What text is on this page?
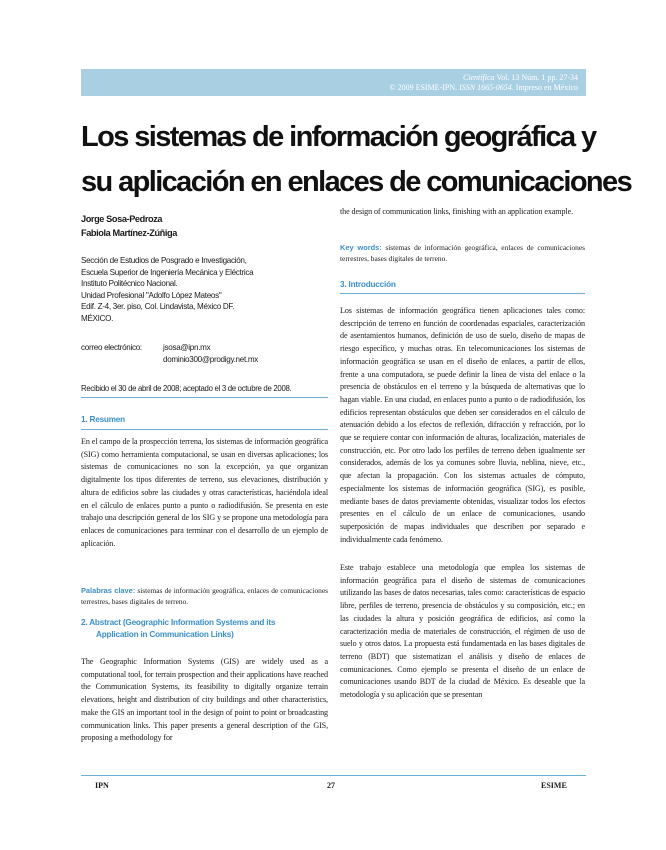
Científica Vol. 13 Núm. 1 pp. 27-34
© 2009 ESIME-IPN. ISSN 1665-0654. Impreso en México
Los sistemas de información geográfica y
su aplicación en enlaces de comunicaciones
Jorge Sosa-Pedroza
Fabiola Martínez-Zúñiga
Sección de Estudios de Posgrado e Investigación,
Escuela Superior de Ingeniería Mecánica y Eléctrica
Instituto Politécnico Nacional.
Unidad Profesional "Adolfo López Mateos"
Edif. Z-4, 3er. piso, Col. Lindavista, México DF.
MÉXICO.
correo electrónico:	jsosa@ipn.mx
dominio300@prodigy.net.mx
Recibido el 30 de abril de 2008; aceptado el 3 de octubre de 2008.
1. Resumen

En el campo de la prospección terrena, los sistemas de información geográfica (SIG) como herramienta computacional, se usan en diversas aplicaciones; los sistemas de comunicaciones no son la excepción, ya que organizan digitalmente los tipos diferentes de terreno, sus elevaciones, distribución y altura de edificios sobre las ciudades y otras características, haciéndola ideal en el cálculo de enlaces punto a punto o radiodifusión. Se presenta en este trabajo una descripción general de los SIG y se propone una metodología para enlaces de comunicaciones para terminar con el desarrollo de un ejemplo de aplicación.

Palabras clave: sistemas de información geográfica, enlaces de comunicaciones terrestres, bases digitales de terreno.

2. Abstract (Geographic Information Systems and its
Application in Communication Links)

The Geographic Information Systems (GIS) are widely used as a computational tool, for terrain prospection and their applications have reached the Communication Systems, its feasibility to digitally organize terrain elevations, height and distribution of city buildings and other characteristics, make the GIS an important tool in the design of point to point or broadcasting communication links. This paper presents a general description of the GIS, proposing a methodology for

the design of communication links, finishing with an application example.

Key words: sistemas de información geográfica, enlaces de comunicaciones terrestres, bases digitales de terreno.

3. Introducción

Los sistemas de información geográfica tienen aplicaciones tales como: descripción de terreno en función de coordenadas espaciales, caracterización de asentamientos humanos, definición de uso de suelo, diseño de mapas de riesgo específico, y muchas otras. En telecomunicaciones los sistemas de información geográfica se usan en el diseño de enlaces, a partir de ellos, frente a una computadora, se puede definir la línea de vista del enlace o la presencia de obstáculos en el terreno y la búsqueda de alternativas que lo hagan viable. En una ciudad, en enlaces punto a punto o de radiodifusión, los edificios representan obstáculos que deben ser considerados en el cálculo de atenuación debido a los efectos de reflexión, difracción y refracción, por lo que se requiere contar con información de alturas, localización, materiales de construcción, etc. Por otro lado los perfiles de terreno deben igualmente ser considerados, además de los ya comunes sobre lluvia, neblina, nieve, etc., que afectan la propagación. Con los sistemas actuales de cómputo, especialmente los sistemas de información geográfica (SIG), es posible, mediante bases de datos previamente obtenidas, visualizar todos los efectos presentes en el cálculo de un enlace de comunicaciones, usando superposición de mapas individuales que describen por separado e individualmente cada fenómeno.

Este trabajo establece una metodología que emplea los sistemas de información geográfica para el diseño de sistemas de comunicaciones utilizando las bases de datos necesarias, tales como: características de espacio libre, perfiles de terreno, presencia de obstáculos y su composición, etc.; en las ciudades la altura y posición geográfica de edificios, así como la caracterización media de materiales de construcción, el régimen de uso de suelo y otros datos. La propuesta está fundamentada en las bases digitales de terreno (BDT) que sistematizan el análisis y diseño de enlaces de comunicaciones. Como ejemplo se presenta el diseño de un enlace de comunicaciones usando BDT de la ciudad de México. Es deseable que la metodología y su aplicación que se presentan

IPN	27	ESIME
